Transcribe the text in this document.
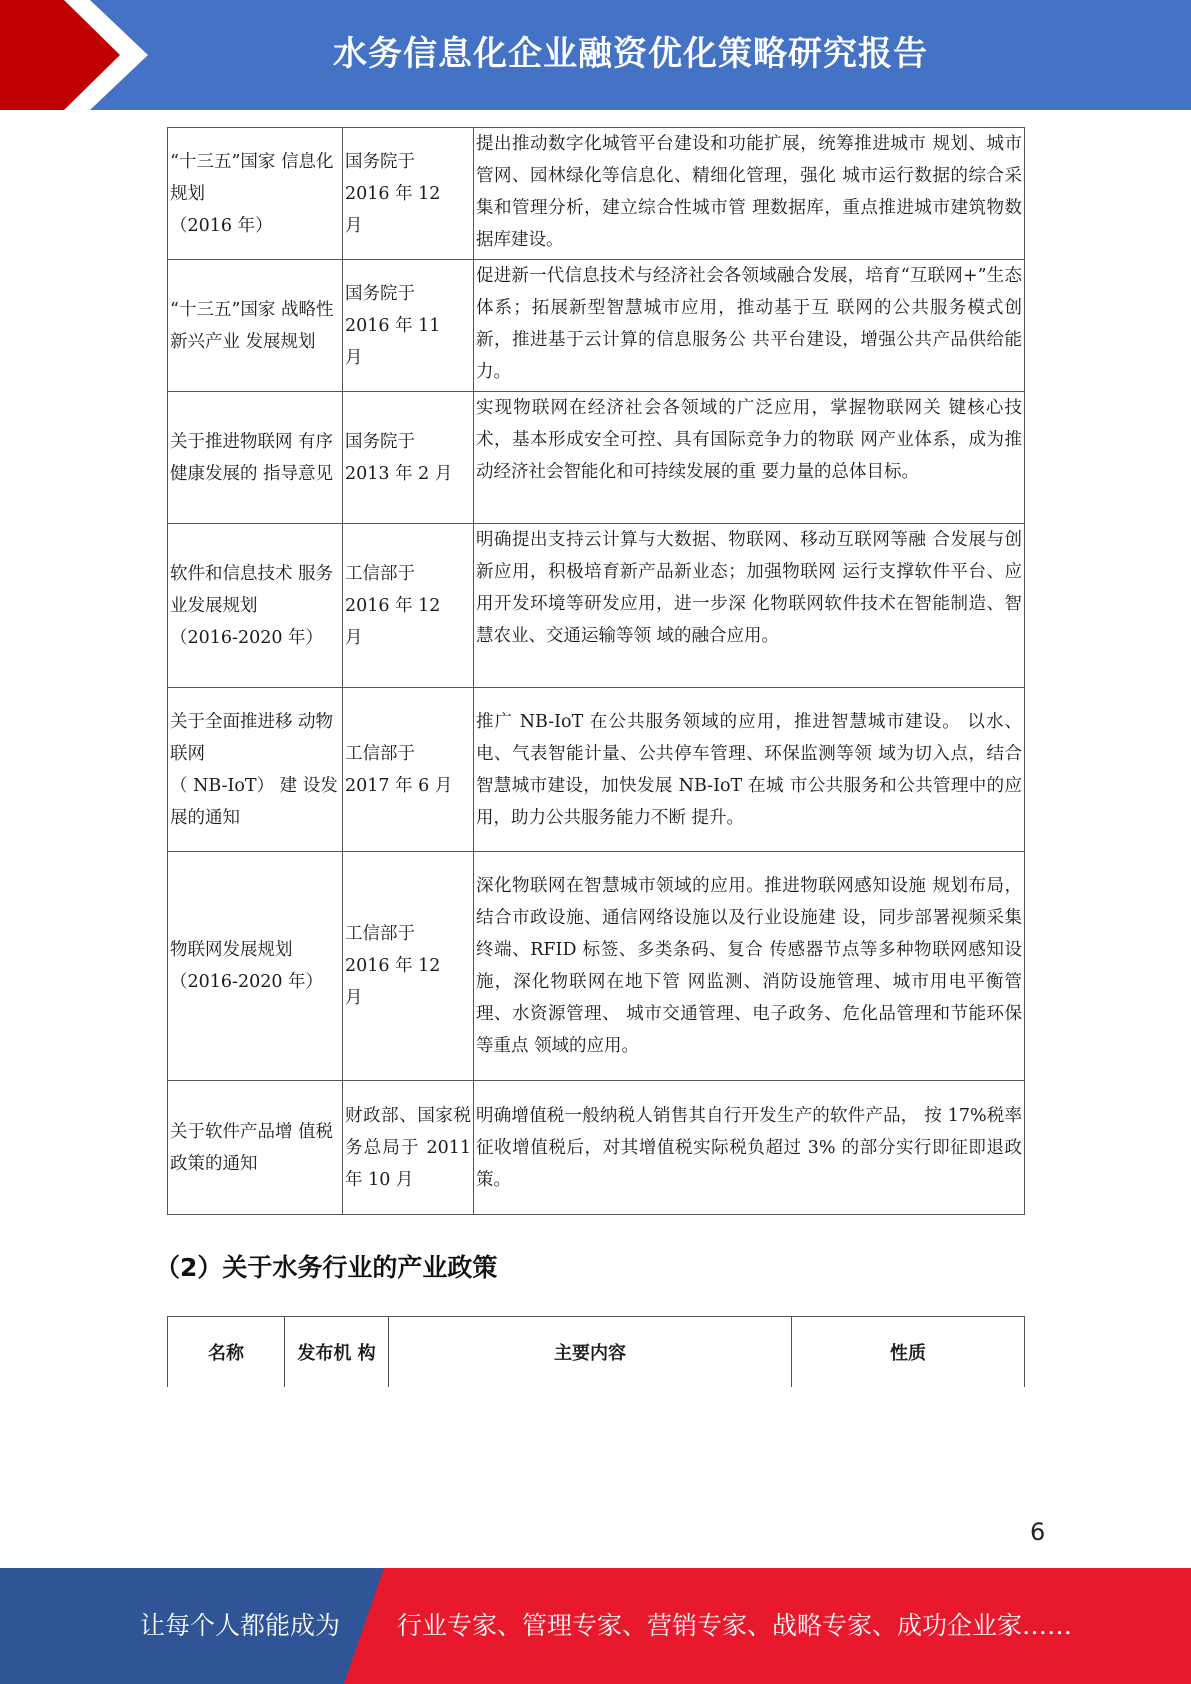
水务信息化企业融资优化策略研究报告
“十三五”国家 信息化规划
（2016 年）	国务院于
2016 年 12
月	提出推动数字化城管平台建设和功能扩展，统筹推进城市 规划、城市管网、园林绿化等信息化、精细化管理，强化 城市运行数据的综合采集和管理分析，建立综合性城市管 理数据库，重点推进城市建筑物数据库建设。
“十三五”国家 战略性新兴产业 发展规划	国务院于
2016 年 11
月	促进新一代信息技术与经济社会各领域融合发展，培育“互联网+”生态体系；拓展新型智慧城市应用，推动基于互 联网的公共服务模式创新，推进基于云计算的信息服务公 共平台建设，增强公共产品供给能力。
关于推进物联网 有序健康发展的 指导意见	国务院于
2013 年 2 月	实现物联网在经济社会各领域的广泛应用，掌握物联网关 键核心技术，基本形成安全可控、具有国际竞争力的物联 网产业体系，成为推动经济社会智能化和可持续发展的重 要力量的总体目标。
软件和信息技术 服务业发展规划
（2016-2020 年）	工信部于
2016 年 12
月	明确提出支持云计算与大数据、物联网、移动互联网等融 合发展与创新应用，积极培育新产品新业态；加强物联网 运行支撑软件平台、应用开发环境等研发应用，进一步深 化物联网软件技术在智能制造、智慧农业、交通运输等领 域的融合应用。
关于全面推进移 动物联网
（ NB-IoT） 建 设发展的通知	工信部于
2017 年 6 月	推广 NB-IoT 在公共服务领域的应用，推进智慧城市建设。 以水、电、气表智能计量、公共停车管理、环保监测等领 域为切入点，结合智慧城市建设，加快发展 NB-IoT 在城 市公共服务和公共管理中的应用，助力公共服务能力不断 提升。
物联网发展规划
（2016-2020 年）	工信部于
2016 年 12
月	深化物联网在智慧城市领域的应用。推进物联网感知设施 规划布局，结合市政设施、通信网络设施以及行业设施建 设，同步部署视频采集终端、RFID 标签、多类条码、复合 传感器节点等多种物联网感知设施，深化物联网在地下管 网监测、消防设施管理、城市用电平衡管理、水资源管理、 城市交通管理、电子政务、危化品管理和节能环保等重点 领域的应用。
关于软件产品增 值税政策的通知	财政部、国家税务总局于 2011 年 10 月	明确增值税一般纳税人销售其自行开发生产的软件产品， 按 17%税率征收增值税后，对其增值税实际税负超过 3% 的部分实行即征即退政策。
（2）关于水务行业的产业政策
名称	发布机 构	主要内容	性质
6
让每个人都能成为 行业专家、管理专家、营销专家、战略专家、成功企业家……
